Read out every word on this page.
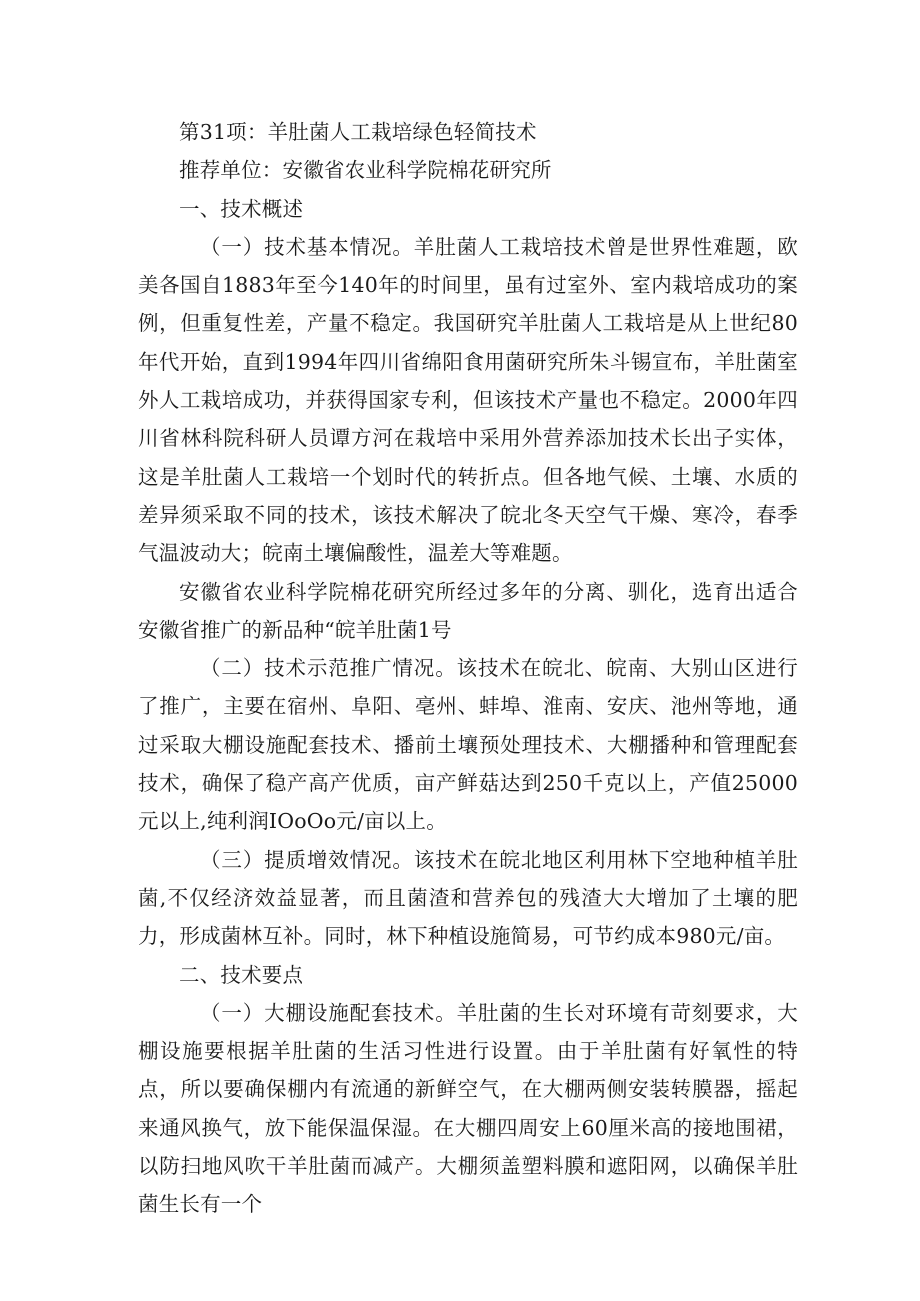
第31项：羊肚菌人工栽培绿色轻简技术

推荐单位：安徽省农业科学院棉花研究所

一、技术概述

（一）技术基本情况。羊肚菌人工栽培技术曾是世界性难题，欧美各国自1883年至今140年的时间里，虽有过室外、室内栽培成功的案例，但重复性差，产量不稳定。我国研究羊肚菌人工栽培是从上世纪80年代开始，直到1994年四川省绵阳食用菌研究所朱斗锡宣布，羊肚菌室外人工栽培成功，并获得国家专利，但该技术产量也不稳定。2000年四川省林科院科研人员谭方河在栽培中采用外营养添加技术长出子实体，这是羊肚菌人工栽培一个划时代的转折点。但各地气候、土壤、水质的差异须采取不同的技术，该技术解决了皖北冬天空气干燥、寒冷，春季气温波动大；皖南土壤偏酸性，温差大等难题。

安徽省农业科学院棉花研究所经过多年的分离、驯化，选育出适合安徽省推广的新品种“皖羊肚菌1号

（二）技术示范推广情况。该技术在皖北、皖南、大别山区进行了推广，主要在宿州、阜阳、亳州、蚌埠、淮南、安庆、池州等地，通过采取大棚设施配套技术、播前土壤预处理技术、大棚播种和管理配套技术，确保了稳产高产优质，亩产鲜菇达到250千克以上，产值25000元以上,纯利润IOoOo元/亩以上。

（三）提质增效情况。该技术在皖北地区利用林下空地种植羊肚菌,不仅经济效益显著，而且菌渣和营养包的残渣大大增加了土壤的肥力，形成菌林互补。同时，林下种植设施简易，可节约成本980元/亩。

二、技术要点

（一）大棚设施配套技术。羊肚菌的生长对环境有苛刻要求，大棚设施要根据羊肚菌的生活习性进行设置。由于羊肚菌有好氧性的特点，所以要确保棚内有流通的新鲜空气，在大棚两侧安装转膜器，摇起来通风换气，放下能保温保湿。在大棚四周安上60厘米高的接地围裙，以防扫地风吹干羊肚菌而减产。大棚须盖塑料膜和遮阳网，以确保羊肚菌生长有一个
